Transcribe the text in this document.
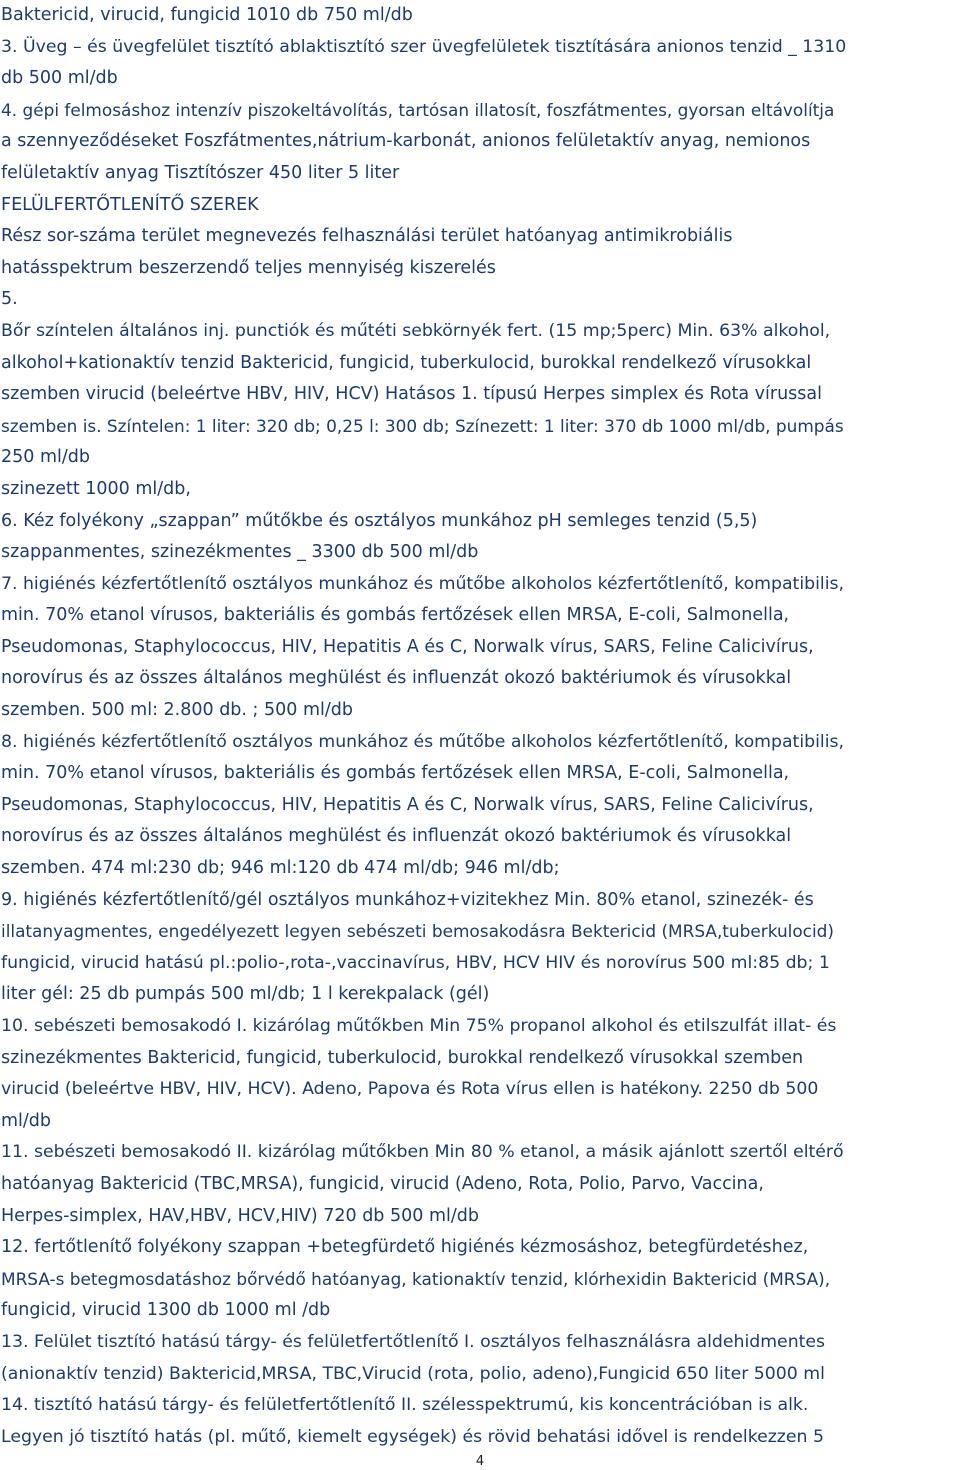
Baktericid, virucid, fungicid 1010 db 750 ml/db
3. Üveg – és üvegfelület tisztító ablaktisztító szer üvegfelületek tisztítására anionos tenzid _ 1310
db 500 ml/db
4. gépi felmosáshoz intenzív piszokeltávolítás, tartósan illatosít, foszfátmentes, gyorsan eltávolítja
a szennyeződéseket Foszfátmentes,nátrium-karbonát, anionos felületaktív anyag, nemionos
felületaktív anyag Tisztítószer 450 liter 5 liter
FELÜLFERTŐTLENÍTŐ SZEREK
Rész sor-száma terület megnevezés felhasználási terület hatóanyag antimikrobiális
hatásspektrum beszerzendő teljes mennyiség kiszerelés
5.
Bőr színtelen általános inj. punctiók és műtéti sebkörnyék fert. (15 mp;5perc) Min. 63% alkohol,
alkohol+kationaktív tenzid Baktericid, fungicid, tuberkulocid, burokkal rendelkező vírusokkal
szemben virucid (beleértve HBV, HIV, HCV) Hatásos 1. típusú Herpes simplex és Rota vírussal
szemben is. Színtelen: 1 liter: 320 db; 0,25 l: 300 db; Színezett: 1 liter: 370 db 1000 ml/db, pumpás
250 ml/db
szinezett 1000 ml/db,
6. Kéz folyékony „szappan” műtőkbe és osztályos munkához pH semleges tenzid (5,5)
szappanmentes, szinezékmentes _ 3300 db 500 ml/db
7. higiénés kézfertőtlenítő osztályos munkához és műtőbe alkoholos kézfertőtlenítő, kompatibilis,
min. 70% etanol vírusos, bakteriális és gombás fertőzések ellen MRSA, E-coli, Salmonella,
Pseudomonas, Staphylococcus, HIV, Hepatitis A és C, Norwalk vírus, SARS, Feline Calicivírus,
norovírus és az összes általános meghülést és influenzát okozó baktériumok és vírusokkal
szemben. 500 ml: 2.800 db. ; 500 ml/db
8. higiénés kézfertőtlenítő osztályos munkához és műtőbe alkoholos kézfertőtlenítő, kompatibilis,
min. 70% etanol vírusos, bakteriális és gombás fertőzések ellen MRSA, E-coli, Salmonella,
Pseudomonas, Staphylococcus, HIV, Hepatitis A és C, Norwalk vírus, SARS, Feline Calicivírus,
norovírus és az összes általános meghülést és influenzát okozó baktériumok és vírusokkal
szemben. 474 ml:230 db; 946 ml:120 db 474 ml/db; 946 ml/db;
9. higiénés kézfertőtlenítő/gél osztályos munkához+vizitekhez Min. 80% etanol, szinezék- és
illatanyagmentes, engedélyezett legyen sebészeti bemosakodásra Bektericid (MRSA,tuberkulocid)
fungicid, virucid hatású pl.:polio-,rota-,vaccinavírus, HBV, HCV HIV és norovírus 500 ml:85 db; 1
liter gél: 25 db pumpás 500 ml/db; 1 l kerekpalack (gél)
10. sebészeti bemosakodó I. kizárólag műtőkben Min 75% propanol alkohol és etilszulfát illat- és
szinezékmentes Baktericid, fungicid, tuberkulocid, burokkal rendelkező vírusokkal szemben
virucid (beleértve HBV, HIV, HCV). Adeno, Papova és Rota vírus ellen is hatékony. 2250 db 500
ml/db
11. sebészeti bemosakodó II. kizárólag műtőkben Min 80 % etanol, a másik ajánlott szertől eltérő
hatóanyag Baktericid (TBC,MRSA), fungicid, virucid (Adeno, Rota, Polio, Parvo, Vaccina,
Herpes-simplex, HAV,HBV, HCV,HIV) 720 db 500 ml/db
12. fertőtlenítő folyékony szappan +betegfürdető higiénés kézmosáshoz, betegfürdetéshez,
MRSA-s betegmosdatáshoz bőrvédő hatóanyag, kationaktív tenzid, klórhexidin Baktericid (MRSA),
fungicid, virucid 1300 db 1000 ml /db
13. Felület tisztító hatású tárgy- és felületfertőtlenítő I. osztályos felhasználásra aldehidmentes
(anionaktív tenzid) Baktericid,MRSA, TBC,Virucid (rota, polio, adeno),Fungicid 650 liter 5000 ml
14. tisztító hatású tárgy- és felületfertőtlenítő II. szélesspektrumú, kis koncentrációban is alk.
Legyen jó tisztító hatás (pl. műtő, kiemelt egységek) és rövid behatási idővel is rendelkezzen 5
4
